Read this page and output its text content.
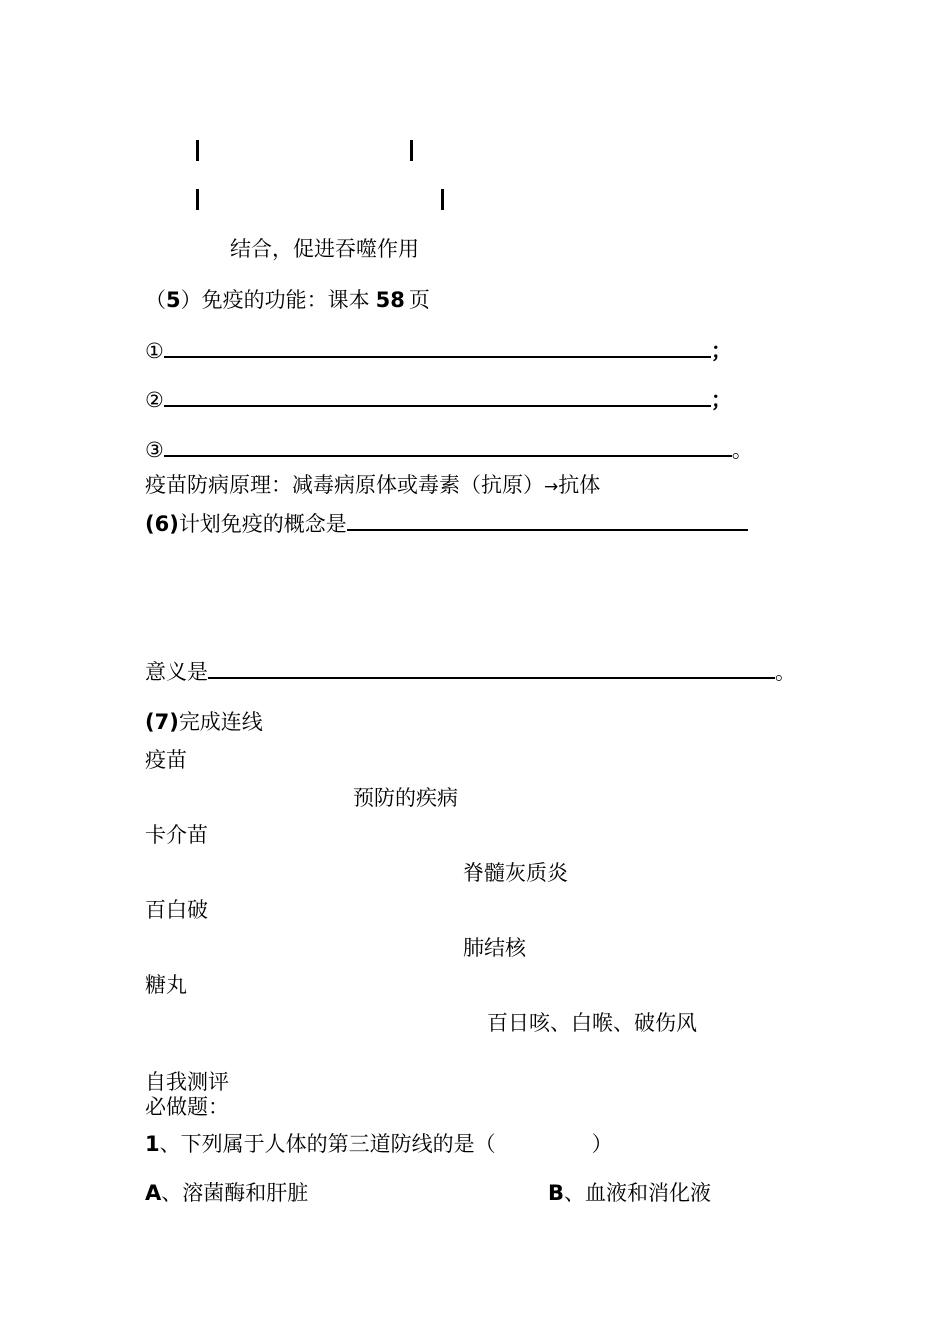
结合，促进吞噬作用
（5）免疫的功能：课本 58 页
①	；
②	；
③	。
疫苗防病原理：减毒病原体或毒素（抗原）→抗体
(6)计划免疫的概念是
意义是	。
(7)完成连线
疫苗
预防的疾病
卡介苗
脊髓灰质炎
百白破
肺结核
糖丸
百日咳、白喉、破伤风
自我测评
必做题：
1、下列属于人体的第三道防线的是（	）
A、溶菌酶和肝脏	B、血液和消化液
